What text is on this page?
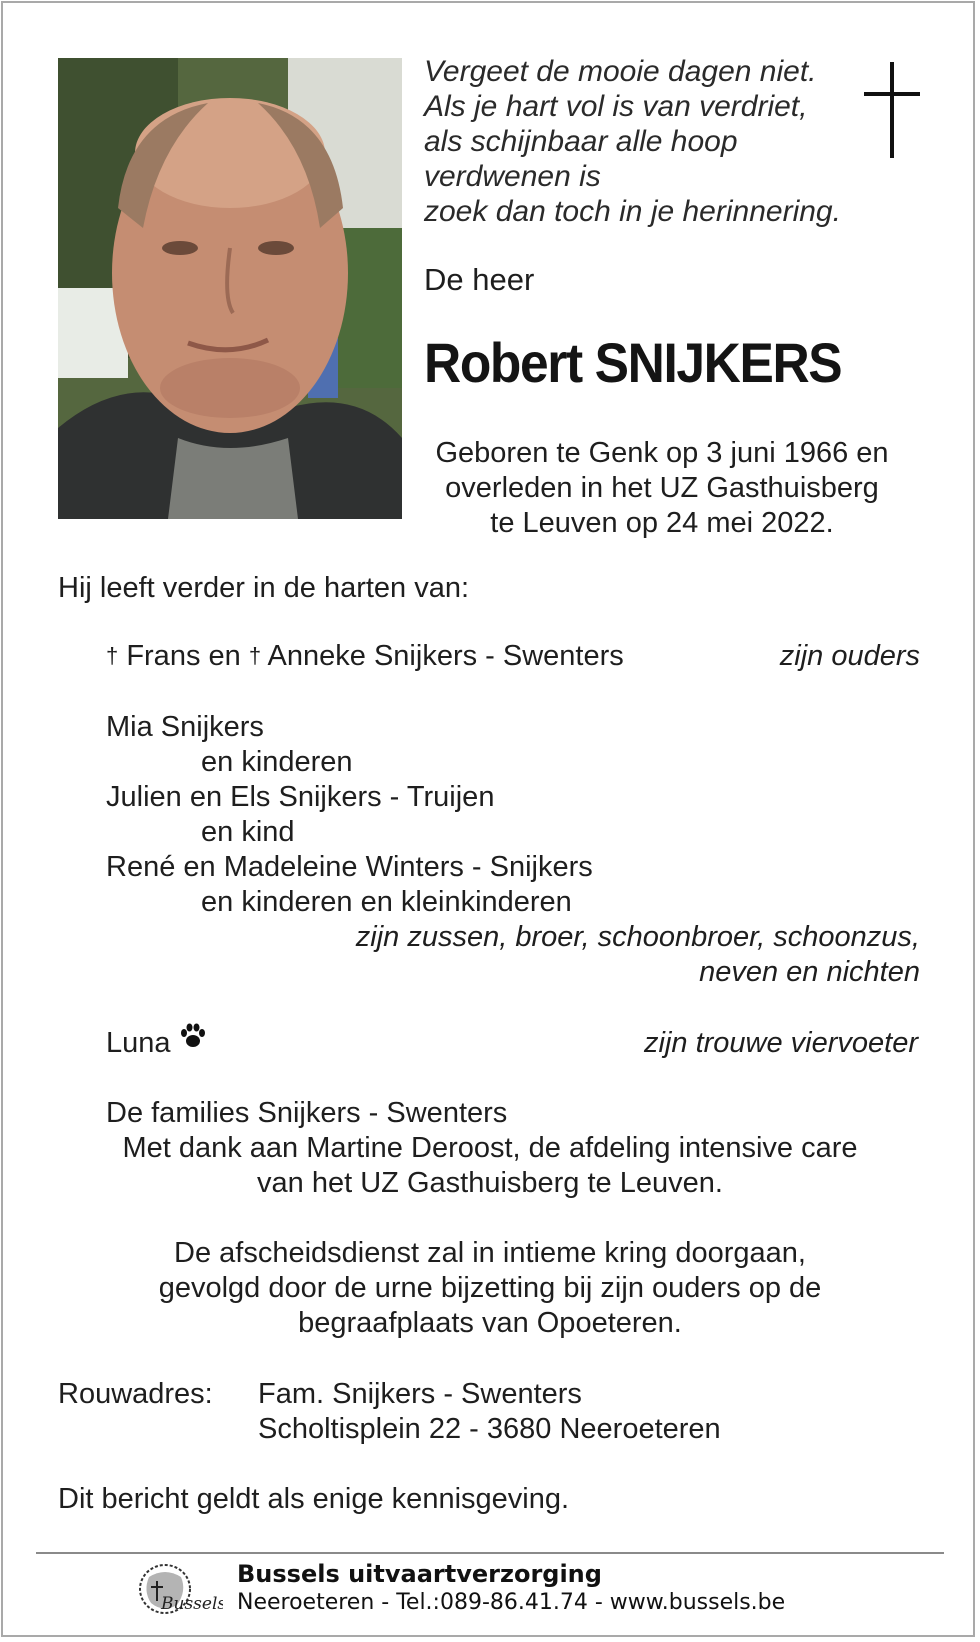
Vergeet de mooie dagen niet.
Als je hart vol is van verdriet,
als schijnbaar alle hoop
verdwenen is
zoek dan toch in je herinnering.
De heer
Robert SNIJKERS
Geboren te Genk op 3 juni 1966 en
overleden in het UZ Gasthuisberg
te Leuven op 24 mei 2022.
Hij leeft verder in de harten van:
† Frans en † Anneke Snijkers - Swenters	zijn ouders
Mia Snijkers
en kinderen
Julien en Els Snijkers - Truijen
en kind
René en Madeleine Winters - Snijkers
en kinderen en kleinkinderen
zijn zussen, broer, schoonbroer, schoonzus,
neven en nichten
Luna	zijn trouwe viervoeter
De families Snijkers - Swenters
Met dank aan Martine Deroost, de afdeling intensive care
van het UZ Gasthuisberg te Leuven.
De afscheidsdienst zal in intieme kring doorgaan,
gevolgd door de urne bijzetting bij zijn ouders op de
begraafplaats van Opoeteren.
Rouwadres: Fam. Snijkers - Swenters
Scholtisplein 22 - 3680 Neeroeteren
Dit bericht geldt als enige kennisgeving.
Bussels
Bussels uitvaartverzorging
Neeroeteren - Tel.:089-86.41.74 - www.bussels.be
